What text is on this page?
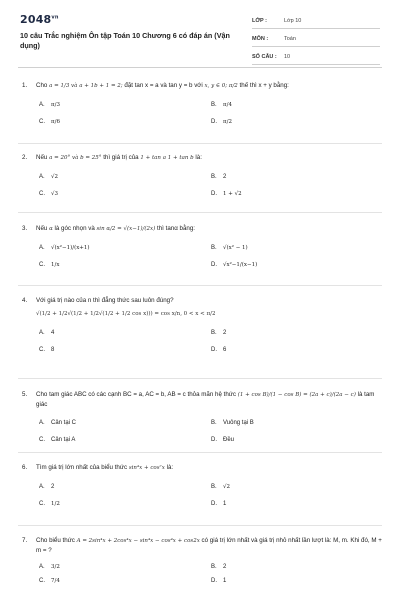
$2048^{vn}$
10 câu Trắc nghiệm Ôn tập Toán 10 Chương 6 có đáp án (Vận dụng)
LỚP :	Lớp 10
MÔN :	Toán
SỐ CÂU :	10
1. Cho a = 1/3 và a + 1b + 1 = 2; đặt tan x = a và tan y = b với x, y ∈ 0; π/2 thế thì x + y bằng:
A.	π/3	B.	π/4
C.	π/6	D.	π/2
2. Nếu a = 20° và b = 25° thì giá trị của 1 + tan a 1 + tan b là:
A.	√2	B.	2
C.	√3	D.	1 + √2
3. Nếu α là góc nhọn và sin α/2 = √(x−1)/(2x) thì tanα bằng:
A.	√(x²−1)/(x+1)	B.	√(x² − 1)
C.	1/x	D.	√x²−1/(x−1)
4. Với giá trị nào của n thì đẳng thức sau luôn đúng?
√(1/2 + 1/2√(1/2 + 1/2√(1/2 + 1/2 cos x))) = cos x/n, 0 < x < π/2
A.	4	B.	2
C.	8	D.	6
5. Cho tam giác ABC có các cạnh BC = a, AC = b, AB = c thỏa mãn hệ thức (1 + cos B)/(1 − cos B) = (2a + c)/(2a − c) là tam giác
A.	Cân tại C	B.	Vuông tại B
C.	Cân tại A	D.	Đều
6. Tìm giá trị lớn nhất của biểu thức sin⁴x + cos⁷x là:
A.	2	B.	√2
C.	1/2	D.	1
7. Cho biểu thức A = 2sin⁴x + 2cos⁴x − sin⁴x − cos⁴x + cos2x có giá trị lớn nhất và giá trị nhỏ nhất lần lượt là: M, m. Khi đó, M + m = ?
A.	3/2	B.	2
C.	7/4	D.	1
